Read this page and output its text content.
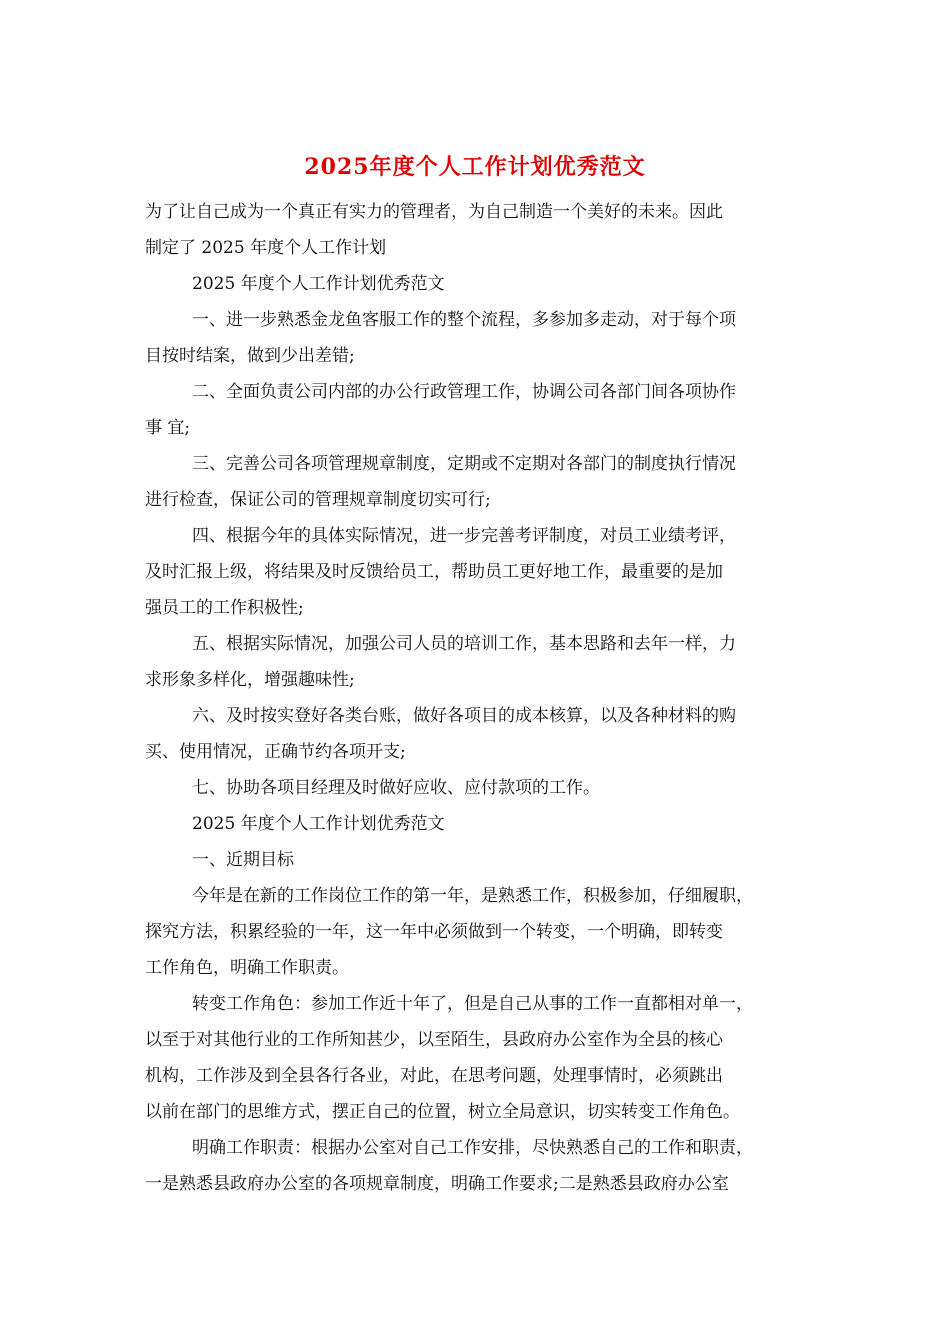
2025年度个人工作计划优秀范文
为了让自己成为一个真正有实力的管理者，为自己制造一个美好的未来。因此
制定了 2025 年度个人工作计划
2025 年度个人工作计划优秀范文
一、进一步熟悉金龙鱼客服工作的整个流程，多参加多走动，对于每个项
目按时结案，做到少出差错;
二、全面负责公司内部的办公行政管理工作，协调公司各部门间各项协作
事 宜;
三、完善公司各项管理规章制度，定期或不定期对各部门的制度执行情况
进行检查，保证公司的管理规章制度切实可行;
四、根据今年的具体实际情况，进一步完善考评制度，对员工业绩考评，
及时汇报上级，将结果及时反馈给员工，帮助员工更好地工作，最重要的是加
强员工的工作积极性;
五、根据实际情况，加强公司人员的培训工作，基本思路和去年一样，力
求形象多样化，增强趣味性;
六、及时按实登好各类台账，做好各项目的成本核算，以及各种材料的购
买、使用情况，正确节约各项开支;
七、协助各项目经理及时做好应收、应付款项的工作。
2025 年度个人工作计划优秀范文
一、近期目标
今年是在新的工作岗位工作的第一年，是熟悉工作，积极参加，仔细履职，
探究方法，积累经验的一年，这一年中必须做到一个转变，一个明确，即转变
工作角色，明确工作职责。
转变工作角色：参加工作近十年了，但是自己从事的工作一直都相对单一，
以至于对其他行业的工作所知甚少，以至陌生，县政府办公室作为全县的核心
机构，工作涉及到全县各行各业，对此，在思考问题，处理事情时，必须跳出
以前在部门的思维方式，摆正自己的位置，树立全局意识，切实转变工作角色。
明确工作职责：根据办公室对自己工作安排，尽快熟悉自己的工作和职责，
一是熟悉县政府办公室的各项规章制度，明确工作要求;二是熟悉县政府办公室
